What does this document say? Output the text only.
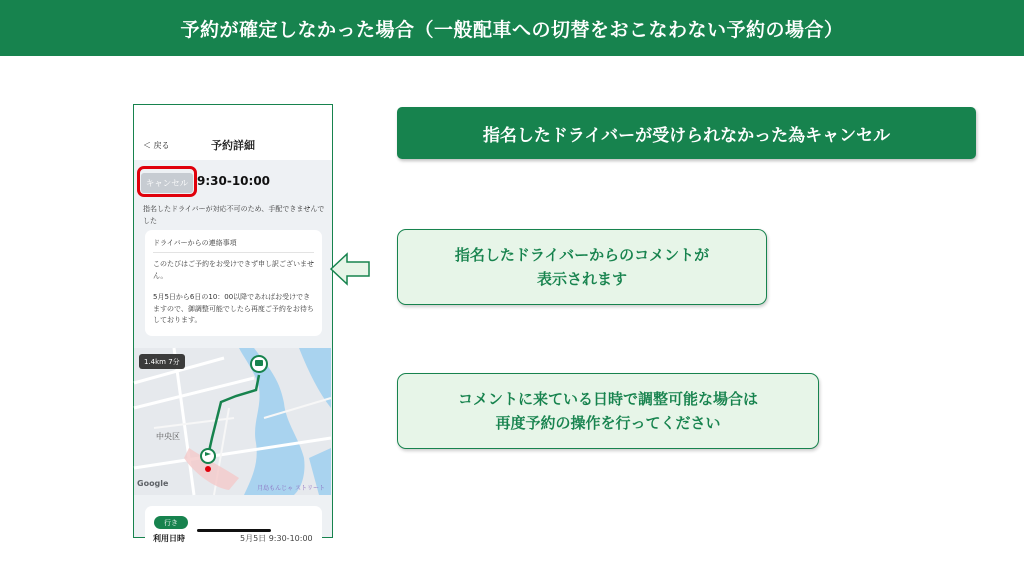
予約が確定しなかった場合（一般配車への切替をおこなわない予約の場合）
＜ 戻る	予約詳細
キャンセル 9:30-10:00
指名したドライバーが対応不可のため、手配できませんでした
ドライバーからの連絡事項

このたびはご予約をお受けできず申し訳ございません。

5月5日から6日の10：00以降であればお受けできますので、御調整可能でしたら再度ご予約をお待ちしております。

1.4km 7分
中央区
Google
月島もんじゃ ストリート
行き
利用日時	5月5日 9:30-10:00
指名したドライバーが受けられなかった為キャンセル
指名したドライバーからのコメントが
表示されます
コメントに来ている日時で調整可能な場合は
再度予約の操作を行ってください
